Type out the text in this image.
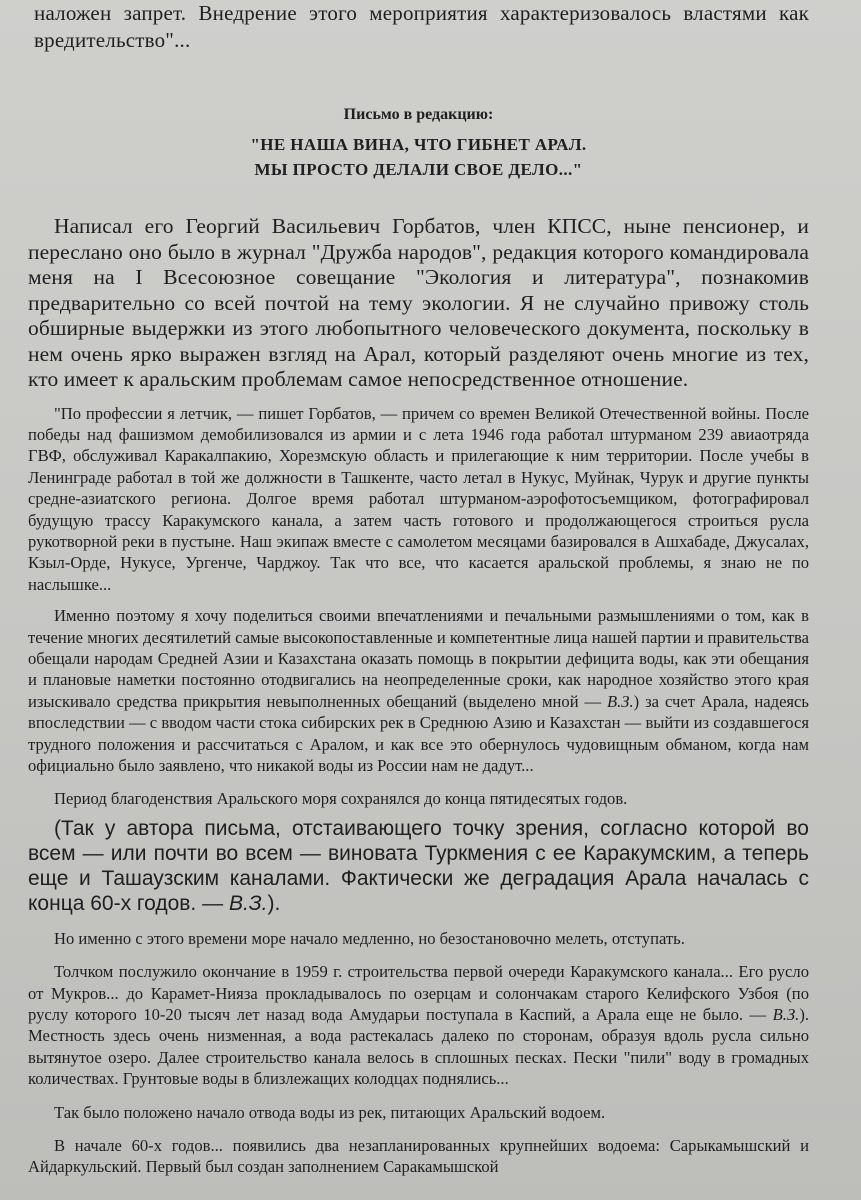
наложен запрет. Внедрение этого мероприятия характеризовалось властями как вредительство"...

Письмо в редакцию:
"НЕ НАША ВИНА, ЧТО ГИБНЕТ АРАЛ.
МЫ ПРОСТО ДЕЛАЛИ СВОЕ ДЕЛО..."

Написал его Георгий Васильевич Горбатов, член КПСС, ныне пенсионер, и переслано оно было в журнал "Дружба народов", редакция которого командировала меня на I Всесоюзное совещание "Экология и литература", познакомив предварительно со всей почтой на тему экологии. Я не случайно привожу столь обширные выдержки из этого любопытного человеческого документа, поскольку в нем очень ярко выражен взгляд на Арал, который разделяют очень многие из тех, кто имеет к аральским проблемам самое непосредственное отношение.

"По профессии я летчик, — пишет Горбатов, — причем со времен Великой Отечественной войны. После победы над фашизмом демобилизовался из армии и с лета 1946 года работал штурманом 239 авиаотряда ГВФ, обслуживал Каракалпакию, Хорезмскую область и прилегающие к ним территории. После учебы в Ленинграде работал в той же должности в Ташкенте, часто летал в Нукус, Муйнак, Чурук и другие пункты средне-азиатского региона. Долгое время работал штурманом-аэрофотосъемщиком, фотографировал будущую трассу Каракумского канала, а затем часть готового и продолжающегося строиться русла рукотворной реки в пустыне. Наш экипаж вместе с самолетом месяцами базировался в Ашхабаде, Джусалах, Кзыл-Орде, Нукусе, Ургенче, Чарджоу. Так что все, что касается аральской проблемы, я знаю не по наслышке...

Именно поэтому я хочу поделиться своими впечатлениями и печальными размышлениями о том, как в течение многих десятилетий самые высокопоставленные и компетентные лица нашей партии и правительства обещали народам Средней Азии и Казахстана оказать помощь в покрытии дефицита воды, как эти обещания и плановые наметки постоянно отодвигались на неопределенные сроки, как народное хозяйство этого края изыскивало средства прикрытия невыполненных обещаний (выделено мной — В.З.) за счет Арала, надеясь впоследствии — с вводом части стока сибирских рек в Среднюю Азию и Казахстан — выйти из создавшегося трудного положения и рассчитаться с Аралом, и как все это обернулось чудовищным обманом, когда нам официально было заявлено, что никакой воды из России нам не дадут...

Период благоденствия Аральского моря сохранялся до конца пятидесятых годов.

(Так у автора письма, отстаивающего точку зрения, согласно которой во всем — или почти во всем — виновата Туркмения с ее Каракумским, а теперь еще и Ташаузским каналами. Фактически же деградация Арала началась с конца 60-х годов. — В.З.).

Но именно с этого времени море начало медленно, но безостановочно мелеть, отступать.

Толчком послужило окончание в 1959 г. строительства первой очереди Каракумского канала... Его русло от Мукров... до Карамет-Нияза прокладывалось по озерцам и солончакам старого Келифского Узбоя (по руслу которого 10-20 тысяч лет назад вода Амударьи поступала в Каспий, а Арала еще не было. — В.З.). Местность здесь очень низменная, а вода растекалась далеко по сторонам, образуя вдоль русла сильно вытянутое озеро. Далее строительство канала велось в сплошных песках. Пески "пили" воду в громадных количествах. Грунтовые воды в близлежащих колодцах поднялись...

Так было положено начало отвода воды из рек, питающих Аральский водоем.

В начале 60-х годов... появились два незапланированных крупнейших водоема: Сарыкамышский и Айдаркульский. Первый был создан заполнением Саракамышской
